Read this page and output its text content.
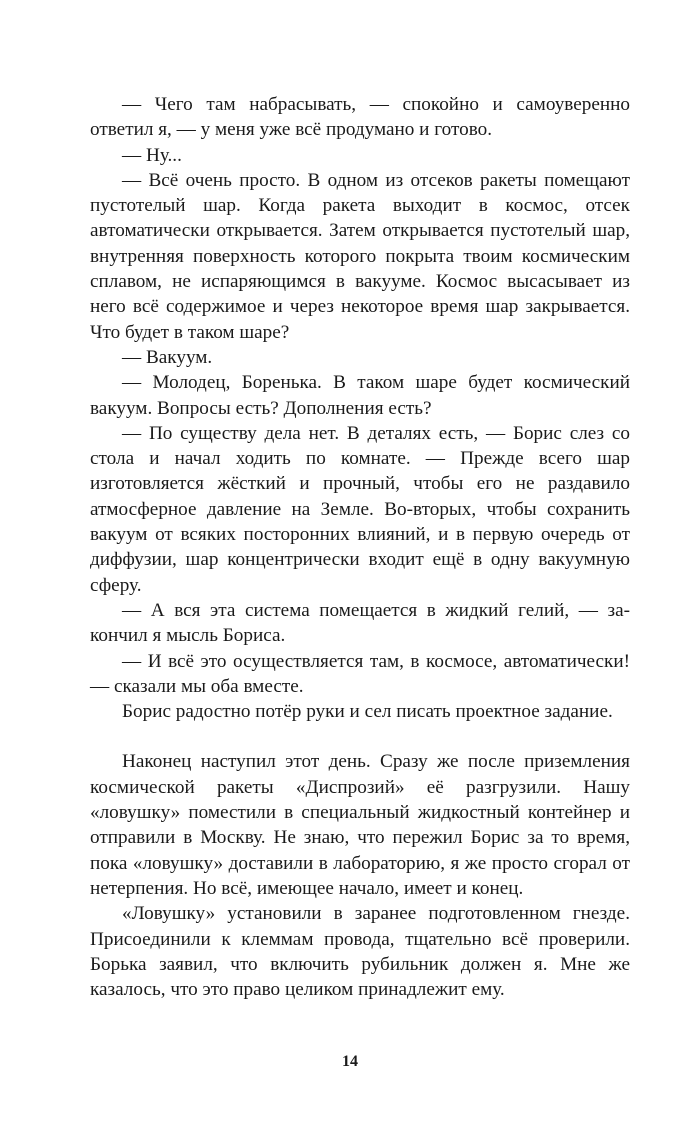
— Чего там набрасывать, — спокойно и самоуверенно ответил я, — у меня уже всё продумано и готово.

— Ну...

— Всё очень просто. В одном из отсеков ракеты помещают пустотелый шар. Когда ракета выходит в космос, отсек автоматически открывается. Затем открывается пустотелый шар, внутренняя поверхность которого покрыта твоим космическим сплавом, не испаряющимся в вакууме. Космос высасывает из него всё содержимое и через некоторое время шар закрывается. Что будет в таком шаре?

— Вакуум.

— Молодец, Боренька. В таком шаре будет космический вакуум. Вопросы есть? Дополнения есть?

— По существу дела нет. В деталях есть, — Борис слез со стола и начал ходить по комнате. — Прежде всего шар изготовляется жёсткий и прочный, чтобы его не раздавило атмосферное давление на Земле. Во-вторых, чтобы сохранить вакуум от всяких посторонних влияний, и в первую очередь от диффузии, шар концентрически входит ещё в одну вакуумную сферу.

— А вся эта система помещается в жидкий гелий, — закончил я мысль Бориса.

— И всё это осуществляется там, в космосе, автоматически! — сказали мы оба вместе.

Борис радостно потёр руки и сел писать проектное задание.

Наконец наступил этот день. Сразу же после приземления космической ракеты «Диспрозий» её разгрузили. Нашу «ловушку» поместили в специальный жидкостный контейнер и отправили в Москву. Не знаю, что пережил Борис за то время, пока «ловушку» доставили в лабораторию, я же просто сгорал от нетерпения. Но всё, имеющее начало, имеет и конец.

«Ловушку» установили в заранее подготовленном гнезде. Присоединили к клеммам провода, тщательно всё проверили. Борька заявил, что включить рубильник должен я. Мне же казалось, что это право целиком принадлежит ему.

14
